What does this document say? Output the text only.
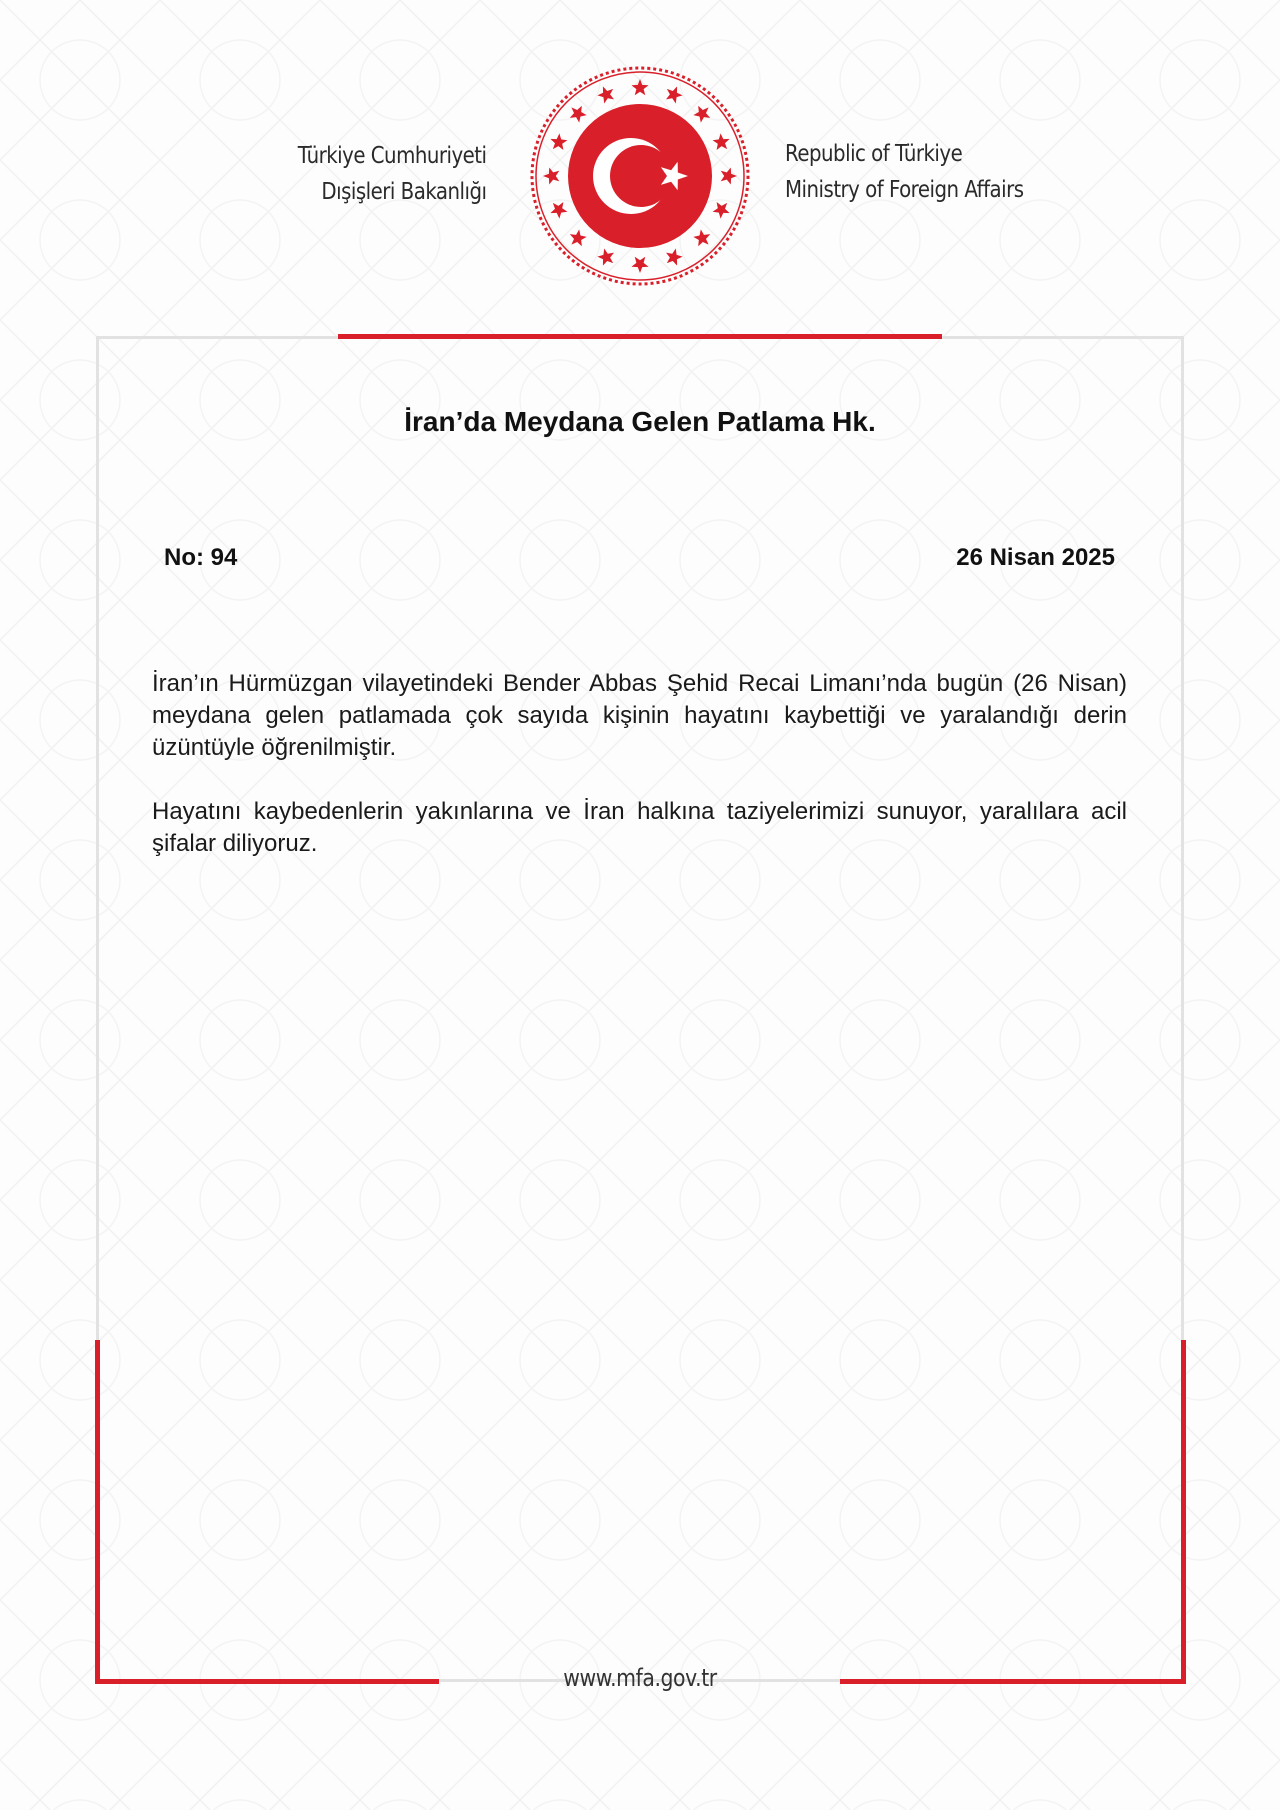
Türkiye Cumhuriyeti
Dışişleri Bakanlığı
Republic of Türkiye
Ministry of Foreign Affairs
İran’da Meydana Gelen Patlama Hk.
No: 94	26 Nisan 2025

İran’ın Hürmüzgan vilayetindeki Bender Abbas Şehid Recai Limanı’nda bugün (26 Nisan) meydana gelen patlamada çok sayıda kişinin hayatını kaybettiği ve yaralandığı derin üzüntüyle öğrenilmiştir.

Hayatını kaybedenlerin yakınlarına ve İran halkına taziyelerimizi sunuyor, yaralılara acil şifalar diliyoruz.

www.mfa.gov.tr
